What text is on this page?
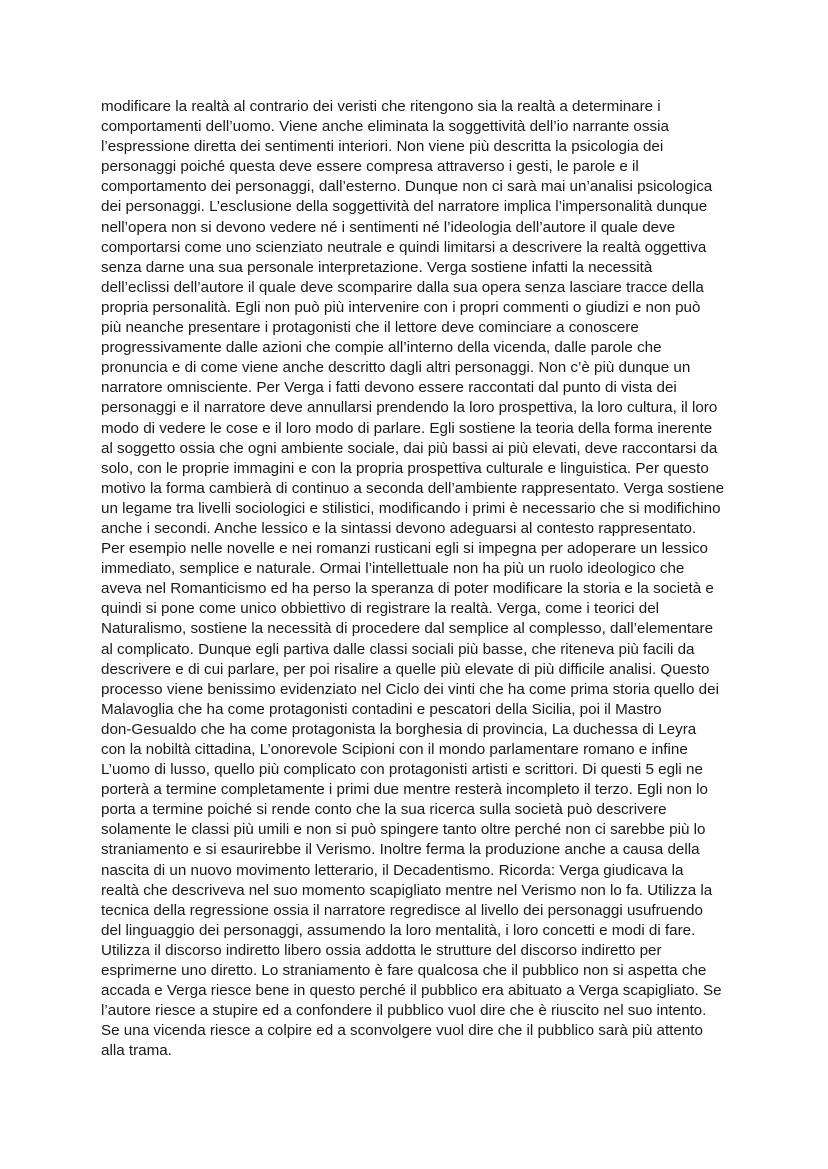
modificare la realtà al contrario dei veristi che ritengono sia la realtà a determinare i
comportamenti dell’uomo. Viene anche eliminata la soggettività dell’io narrante ossia
l’espressione diretta dei sentimenti interiori. Non viene più descritta la psicologia dei
personaggi poiché questa deve essere compresa attraverso i gesti, le parole e il
comportamento dei personaggi, dall’esterno. Dunque non ci sarà mai un’analisi psicologica
dei personaggi. L’esclusione della soggettività del narratore implica l’impersonalità dunque
nell’opera non si devono vedere né i sentimenti né l’ideologia dell’autore il quale deve
comportarsi come uno scienziato neutrale e quindi limitarsi a descrivere la realtà oggettiva
senza darne una sua personale interpretazione. Verga sostiene infatti la necessità
dell’eclissi dell’autore il quale deve scomparire dalla sua opera senza lasciare tracce della
propria personalità. Egli non può più intervenire con i propri commenti o giudizi e non può
più neanche presentare i protagonisti che il lettore deve cominciare a conoscere
progressivamente dalle azioni che compie all’interno della vicenda, dalle parole che
pronuncia e di come viene anche descritto dagli altri personaggi. Non c’è più dunque un
narratore omnisciente. Per Verga i fatti devono essere raccontati dal punto di vista dei
personaggi e il narratore deve annullarsi prendendo la loro prospettiva, la loro cultura, il loro
modo di vedere le cose e il loro modo di parlare. Egli sostiene la teoria della forma inerente
al soggetto ossia che ogni ambiente sociale, dai più bassi ai più elevati, deve raccontarsi da
solo, con le proprie immagini e con la propria prospettiva culturale e linguistica. Per questo
motivo la forma cambierà di continuo a seconda dell’ambiente rappresentato. Verga sostiene
un legame tra livelli sociologici e stilistici, modificando i primi è necessario che si modifichino
anche i secondi. Anche lessico e la sintassi devono adeguarsi al contesto rappresentato.
Per esempio nelle novelle e nei romanzi rusticani egli si impegna per adoperare un lessico
immediato, semplice e naturale. Ormai l’intellettuale non ha più un ruolo ideologico che
aveva nel Romanticismo ed ha perso la speranza di poter modificare la storia e la società e
quindi si pone come unico obbiettivo di registrare la realtà. Verga, come i teorici del
Naturalismo, sostiene la necessità di procedere dal semplice al complesso, dall’elementare
al complicato. Dunque egli partiva dalle classi sociali più basse, che riteneva più facili da
descrivere e di cui parlare, per poi risalire a quelle più elevate di più difficile analisi. Questo
processo viene benissimo evidenziato nel Ciclo dei vinti che ha come prima storia quello dei
Malavoglia che ha come protagonisti contadini e pescatori della Sicilia, poi il Mastro
don-Gesualdo che ha come protagonista la borghesia di provincia, La duchessa di Leyra
con la nobiltà cittadina, L’onorevole Scipioni con il mondo parlamentare romano e infine
L’uomo di lusso, quello più complicato con protagonisti artisti e scrittori. Di questi 5 egli ne
porterà a termine completamente i primi due mentre resterà incompleto il terzo. Egli non lo
porta a termine poiché si rende conto che la sua ricerca sulla società può descrivere
solamente le classi più umili e non si può spingere tanto oltre perché non ci sarebbe più lo
straniamento e si esaurirebbe il Verismo. Inoltre ferma la produzione anche a causa della
nascita di un nuovo movimento letterario, il Decadentismo. Ricorda: Verga giudicava la
realtà che descriveva nel suo momento scapigliato mentre nel Verismo non lo fa. Utilizza la
tecnica della regressione ossia il narratore regredisce al livello dei personaggi usufruendo
del linguaggio dei personaggi, assumendo la loro mentalità, i loro concetti e modi di fare.
Utilizza il discorso indiretto libero ossia addotta le strutture del discorso indiretto per
esprimerne uno diretto. Lo straniamento è fare qualcosa che il pubblico non si aspetta che
accada e Verga riesce bene in questo perché il pubblico era abituato a Verga scapigliato. Se
l’autore riesce a stupire ed a confondere il pubblico vuol dire che è riuscito nel suo intento.
Se una vicenda riesce a colpire ed a sconvolgere vuol dire che il pubblico sarà più attento
alla trama.
